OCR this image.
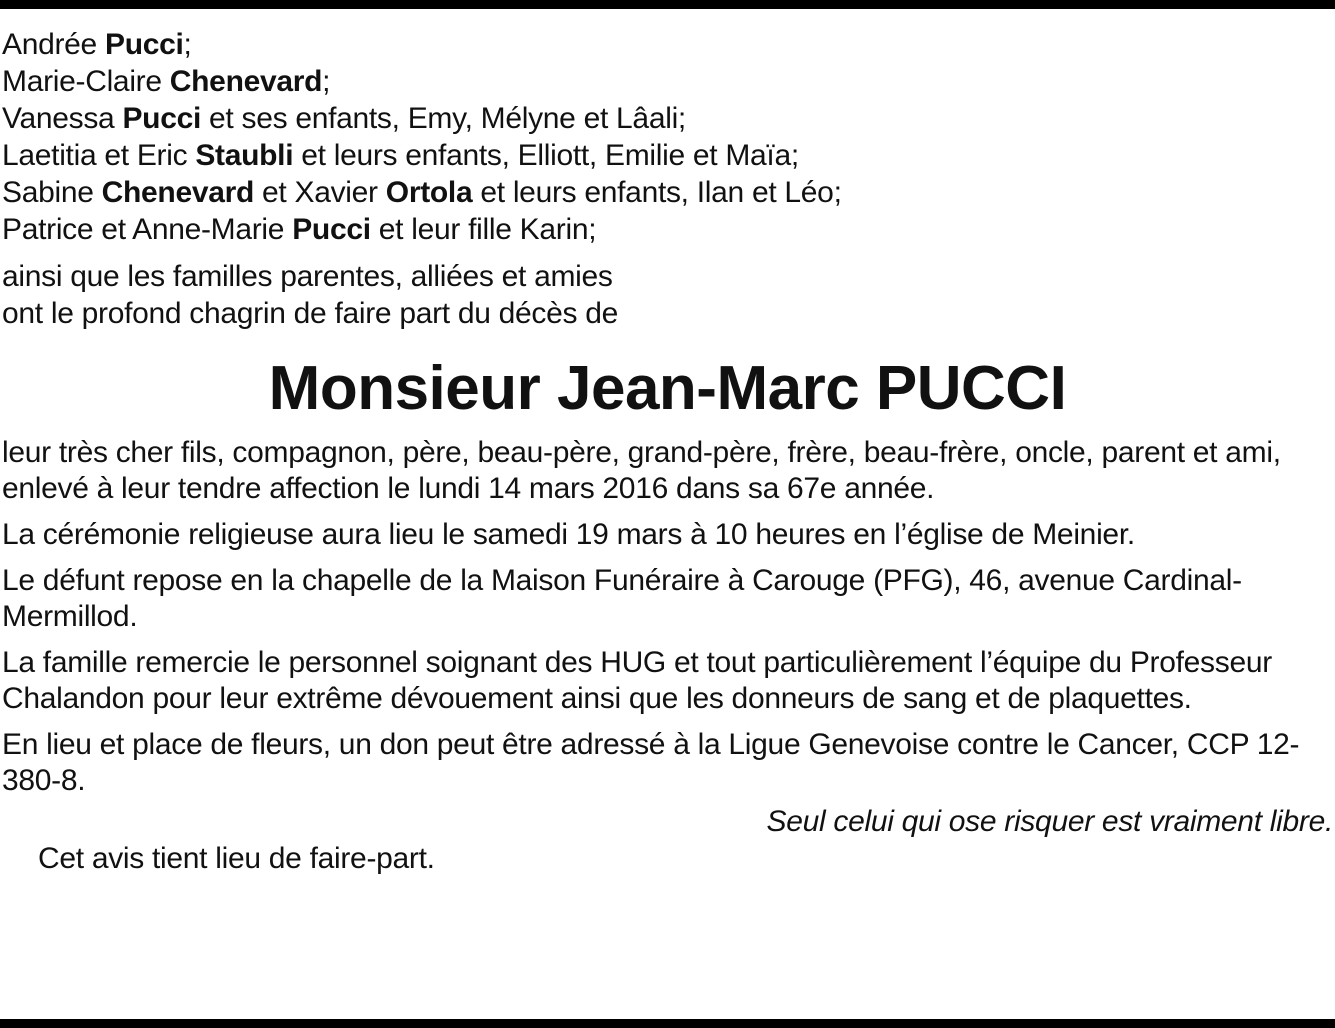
Andrée Pucci;
Marie-Claire Chenevard;
Vanessa Pucci et ses enfants, Emy, Mélyne et Lâali;
Laetitia et Eric Staubli et leurs enfants, Elliott, Emilie et Maïa;
Sabine Chenevard et Xavier Ortola et leurs enfants, Ilan et Léo;
Patrice et Anne-Marie Pucci et leur fille Karin;
ainsi que les familles parentes, alliées et amies
ont le profond chagrin de faire part du décès de
Monsieur Jean-Marc PUCCI
leur très cher fils, compagnon, père, beau-père, grand-père, frère, beau-frère, oncle, parent et ami, enlevé à leur tendre affection le lundi 14 mars 2016 dans sa 67e année.
La cérémonie religieuse aura lieu le samedi 19 mars à 10 heures en l’église de Meinier.
Le défunt repose en la chapelle de la Maison Funéraire à Carouge (PFG), 46, avenue Cardinal-Mermillod.
La famille remercie le personnel soignant des HUG et tout particulièrement l’équipe du Professeur Chalandon pour leur extrême dévouement ainsi que les donneurs de sang et de plaquettes.
En lieu et place de fleurs, un don peut être adressé à la Ligue Genevoise contre le Cancer, CCP 12-380-8.
Seul celui qui ose risquer est vraiment libre.
Cet avis tient lieu de faire-part.
